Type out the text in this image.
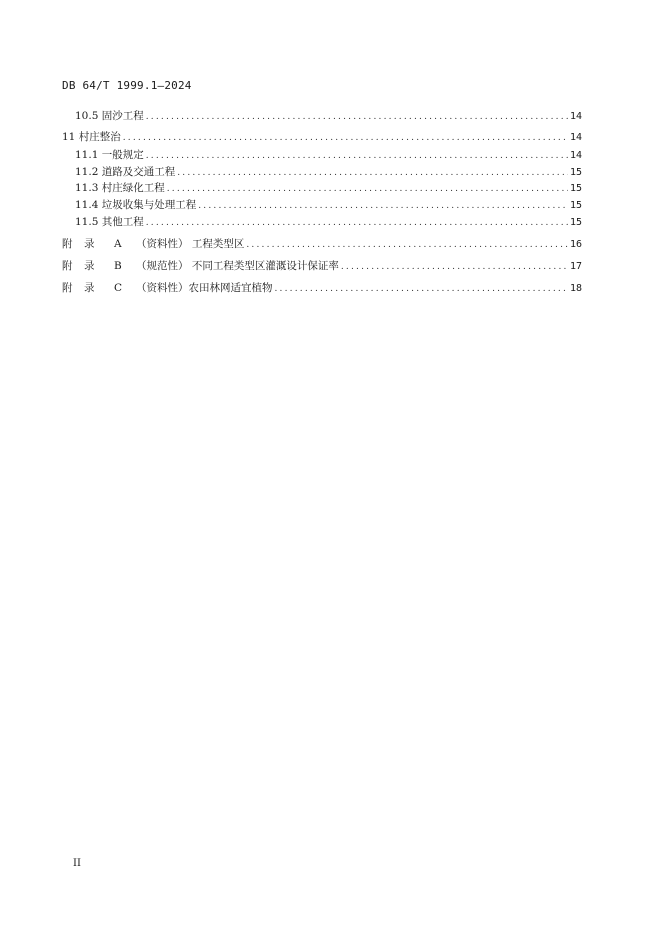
DB 64/T 1999.1—2024
10.5 固沙工程 .....	14
11 村庄整治 .....	14
11.1 一般规定 .....	14
11.2 道路及交通工程 .....	15
11.3 村庄绿化工程 .....	15
11.4 垃圾收集与处理工程 .....	15
11.5 其他工程 .....	15
附 录 A （资料性） 工程类型区 .....	16
附 录 B （规范性） 不同工程类型区灌溉设计保证率 .....	17
附 录 C （资料性）农田林网适宜植物 .....	18
II
